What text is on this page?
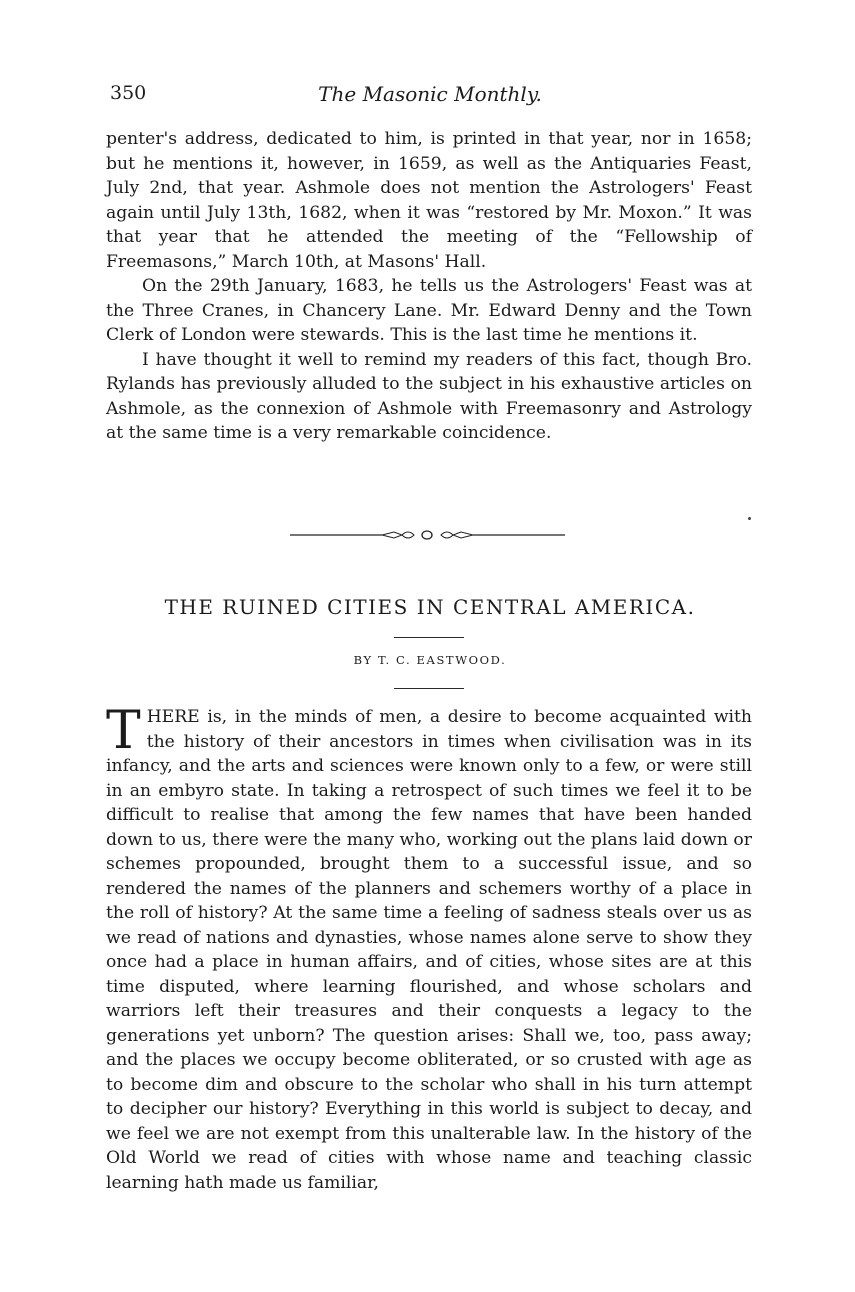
350	The Masonic Monthly.

penter's address, dedicated to him, is printed in that year, nor in 1658; but he mentions it, however, in 1659, as well as the Antiquaries Feast, July 2nd, that year. Ashmole does not mention the Astrologers' Feast again until July 13th, 1682, when it was “restored by Mr. Moxon.” It was that year that he attended the meeting of the “Fellowship of Freemasons,” March 10th, at Masons' Hall.

On the 29th January, 1683, he tells us the Astrologers' Feast was at the Three Cranes, in Chancery Lane. Mr. Edward Denny and the Town Clerk of London were stewards. This is the last time he mentions it.

I have thought it well to remind my readers of this fact, though Bro. Rylands has previously alluded to the subject in his exhaustive articles on Ashmole, as the connexion of Ashmole with Freemasonry and Astrology at the same time is a very remarkable coincidence.

THE RUINED CITIES IN CENTRAL AMERICA.
BY T. C. EASTWOOD.

THERE is, in the minds of men, a desire to become acquainted with the history of their ancestors in times when civilisation was in its infancy, and the arts and sciences were known only to a few, or were still in an embyro state. In taking a retrospect of such times we feel it to be difficult to realise that among the few names that have been handed down to us, there were the many who, working out the plans laid down or schemes propounded, brought them to a successful issue, and so rendered the names of the planners and schemers worthy of a place in the roll of history? At the same time a feeling of sadness steals over us as we read of nations and dynasties, whose names alone serve to show they once had a place in human affairs, and of cities, whose sites are at this time disputed, where learning flourished, and whose scholars and warriors left their treasures and their conquests a legacy to the generations yet unborn? The question arises: Shall we, too, pass away; and the places we occupy become obliterated, or so crusted with age as to become dim and obscure to the scholar who shall in his turn attempt to decipher our history? Everything in this world is subject to decay, and we feel we are not exempt from this unalterable law. In the history of the Old World we read of cities with whose name and teaching classic learning hath made us familiar,
